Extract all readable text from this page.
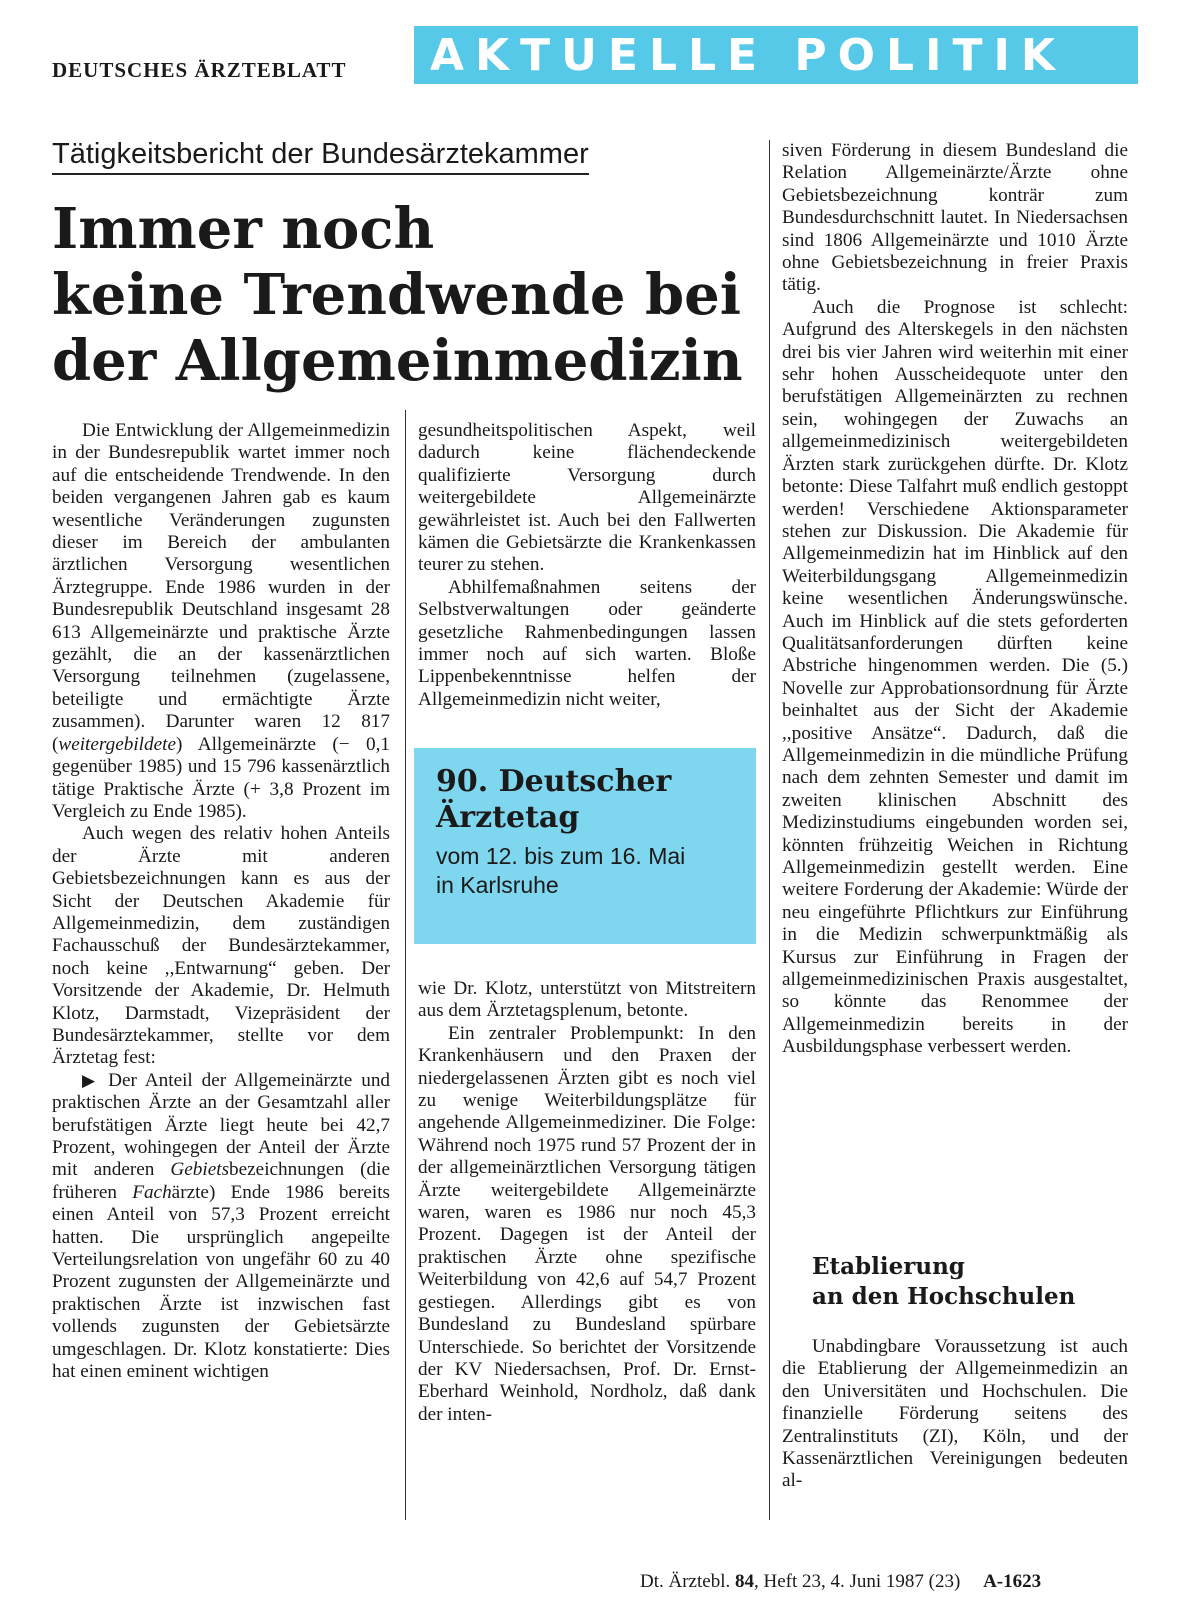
DEUTSCHES ÄRZTEBLATT AKTUELLE POLITIK
Tätigkeitsbericht der Bundesärztekammer
Immer noch
keine Trendwende bei
der Allgemeinmedizin

Die Entwicklung der Allgemeinmedizin in der Bundesrepublik wartet immer noch auf die entscheidende Trendwende. In den beiden vergangenen Jahren gab es kaum wesentliche Veränderungen zugunsten dieser im Bereich der ambulanten ärztlichen Versorgung wesentlichen Ärztegruppe. Ende 1986 wurden in der Bundesrepublik Deutschland insgesamt 28 613 Allgemeinärzte und praktische Ärzte gezählt, die an der kassenärztlichen Versorgung teilnehmen (zugelassene, beteiligte und ermächtigte Ärzte zusammen). Darunter waren 12 817 (weitergebildete) Allgemeinärzte (− 0,1 gegenüber 1985) und 15 796 kassenärztlich tätige Praktische Ärzte (+ 3,8 Prozent im Vergleich zu Ende 1985).

Auch wegen des relativ hohen Anteils der Ärzte mit anderen Gebietsbezeichnungen kann es aus der Sicht der Deutschen Akademie für Allgemeinmedizin, dem zuständigen Fachausschuß der Bundesärztekammer, noch keine ,,Entwarnung“ geben. Der Vorsitzende der Akademie, Dr. Helmuth Klotz, Darmstadt, Vizepräsident der Bundesärztekammer, stellte vor dem Ärztetag fest:

▶ Der Anteil der Allgemeinärzte und praktischen Ärzte an der Gesamtzahl aller berufstätigen Ärzte liegt heute bei 42,7 Prozent, wohingegen der Anteil der Ärzte mit anderen Gebietsbezeichnungen (die früheren Fachärzte) Ende 1986 bereits einen Anteil von 57,3 Prozent erreicht hatten. Die ursprünglich angepeilte Verteilungsrelation von ungefähr 60 zu 40 Prozent zugunsten der Allgemeinärzte und praktischen Ärzte ist inzwischen fast vollends zugunsten der Gebietsärzte umgeschlagen. Dr. Klotz konstatierte: Dies hat einen eminent wichtigen

gesundheitspolitischen Aspekt, weil dadurch keine flächendeckende qualifizierte Versorgung durch weitergebildete Allgemeinärzte gewährleistet ist. Auch bei den Fallwerten kämen die Gebietsärzte die Krankenkassen teurer zu stehen.

Abhilfemaßnahmen seitens der Selbstverwaltungen oder geänderte gesetzliche Rahmenbedingungen lassen immer noch auf sich warten. Bloße Lippenbekenntnisse helfen der Allgemeinmedizin nicht weiter,

90. Deutscher
Ärztetag
vom 12. bis zum 16. Mai
in Karlsruhe

wie Dr. Klotz, unterstützt von Mitstreitern aus dem Ärztetagsplenum, betonte.

Ein zentraler Problempunkt: In den Krankenhäusern und den Praxen der niedergelassenen Ärzten gibt es noch viel zu wenige Weiterbildungsplätze für angehende Allgemeinmediziner. Die Folge: Während noch 1975 rund 57 Prozent der in der allgemeinärztlichen Versorgung tätigen Ärzte weitergebildete Allgemeinärzte waren, waren es 1986 nur noch 45,3 Prozent. Dagegen ist der Anteil der praktischen Ärzte ohne spezifische Weiterbildung von 42,6 auf 54,7 Prozent gestiegen. Allerdings gibt es von Bundesland zu Bundesland spürbare Unterschiede. So berichtet der Vorsitzende der KV Niedersachsen, Prof. Dr. Ernst-Eberhard Weinhold, Nordholz, daß dank der inten-

siven Förderung in diesem Bundesland die Relation Allgemeinärzte/Ärzte ohne Gebietsbezeichnung konträr zum Bundesdurchschnitt lautet. In Niedersachsen sind 1806 Allgemeinärzte und 1010 Ärzte ohne Gebietsbezeichnung in freier Praxis tätig.

Auch die Prognose ist schlecht: Aufgrund des Alterskegels in den nächsten drei bis vier Jahren wird weiterhin mit einer sehr hohen Ausscheidequote unter den berufstätigen Allgemeinärzten zu rechnen sein, wohingegen der Zuwachs an allgemeinmedizinisch weitergebildeten Ärzten stark zurückgehen dürfte. Dr. Klotz betonte: Diese Talfahrt muß endlich gestoppt werden! Verschiedene Aktionsparameter stehen zur Diskussion. Die Akademie für Allgemeinmedizin hat im Hinblick auf den Weiterbildungsgang Allgemeinmedizin keine wesentlichen Änderungswünsche. Auch im Hinblick auf die stets geforderten Qualitätsanforderungen dürften keine Abstriche hingenommen werden. Die (5.) Novelle zur Approbationsordnung für Ärzte beinhaltet aus der Sicht der Akademie ,,positive Ansätze“. Dadurch, daß die Allgemeinmedizin in die mündliche Prüfung nach dem zehnten Semester und damit im zweiten klinischen Abschnitt des Medizinstudiums eingebunden worden sei, könnten frühzeitig Weichen in Richtung Allgemeinmedizin gestellt werden. Eine weitere Forderung der Akademie: Würde der neu eingeführte Pflichtkurs zur Einführung in die Medizin schwerpunktmäßig als Kursus zur Einführung in Fragen der allgemeinmedizinischen Praxis ausgestaltet, so könnte das Renommee der Allgemeinmedizin bereits in der Ausbildungsphase verbessert werden.

Etablierung
an den Hochschulen

Unabdingbare Voraussetzung ist auch die Etablierung der Allgemeinmedizin an den Universitäten und Hochschulen. Die finanzielle Förderung seitens des Zentralinstituts (ZI), Köln, und der Kassenärztlichen Vereinigungen bedeuten al-

Dt. Ärztebl. 84, Heft 23, 4. Juni 1987 (23) A-1623
